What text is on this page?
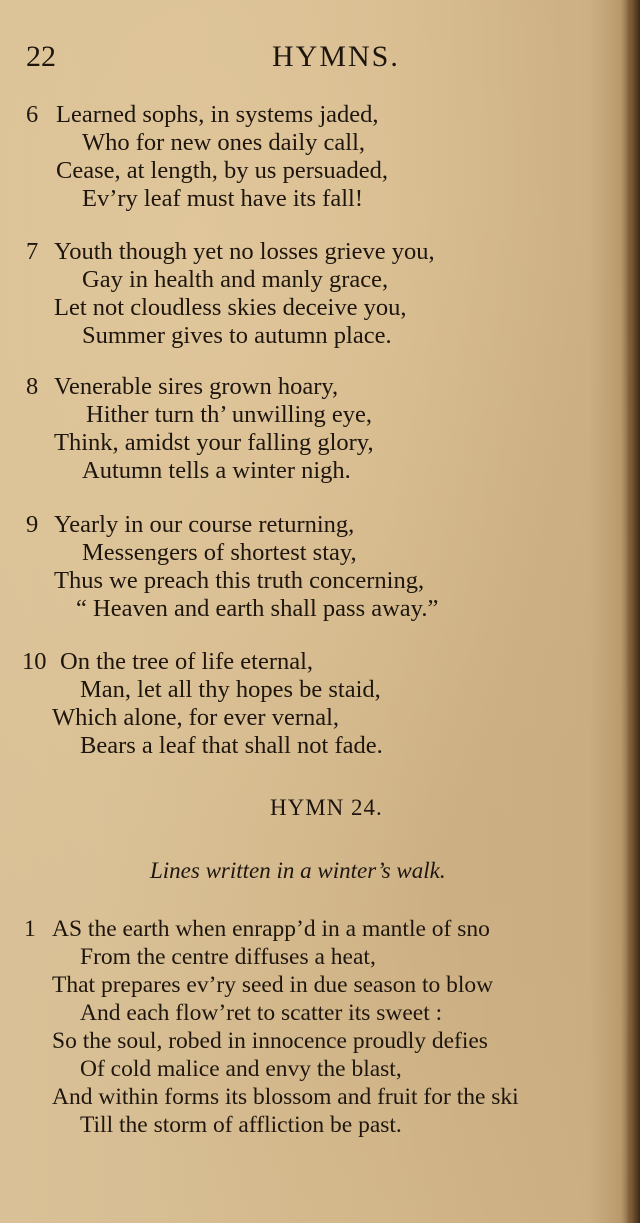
22	HYMNS.
6 Learned sophs, in systems jaded,
Who for new ones daily call,
Cease, at length, by us persuaded,
Ev’ry leaf must have its fall!
7 Youth though yet no losses grieve you,
Gay in health and manly grace,
Let not cloudless skies deceive you,
Summer gives to autumn place.
8 Venerable sires grown hoary,
Hither turn th’ unwilling eye,
Think, amidst your falling glory,
Autumn tells a winter nigh.
9 Yearly in our course returning,
Messengers of shortest stay,
Thus we preach this truth concerning,
“ Heaven and earth shall pass away.”
10 On the tree of life eternal,
Man, let all thy hopes be staid,
Which alone, for ever vernal,
Bears a leaf that shall not fade.
HYMN 24.
Lines written in a winter’s walk.
1 AS the earth when enrapp’d in a mantle of sno
From the centre diffuses a heat,
That prepares ev’ry seed in due season to blow
And each flow’ret to scatter its sweet :
So the soul, robed in innocence proudly defies
Of cold malice and envy the blast,
And within forms its blossom and fruit for the ski
Till the storm of affliction be past.
